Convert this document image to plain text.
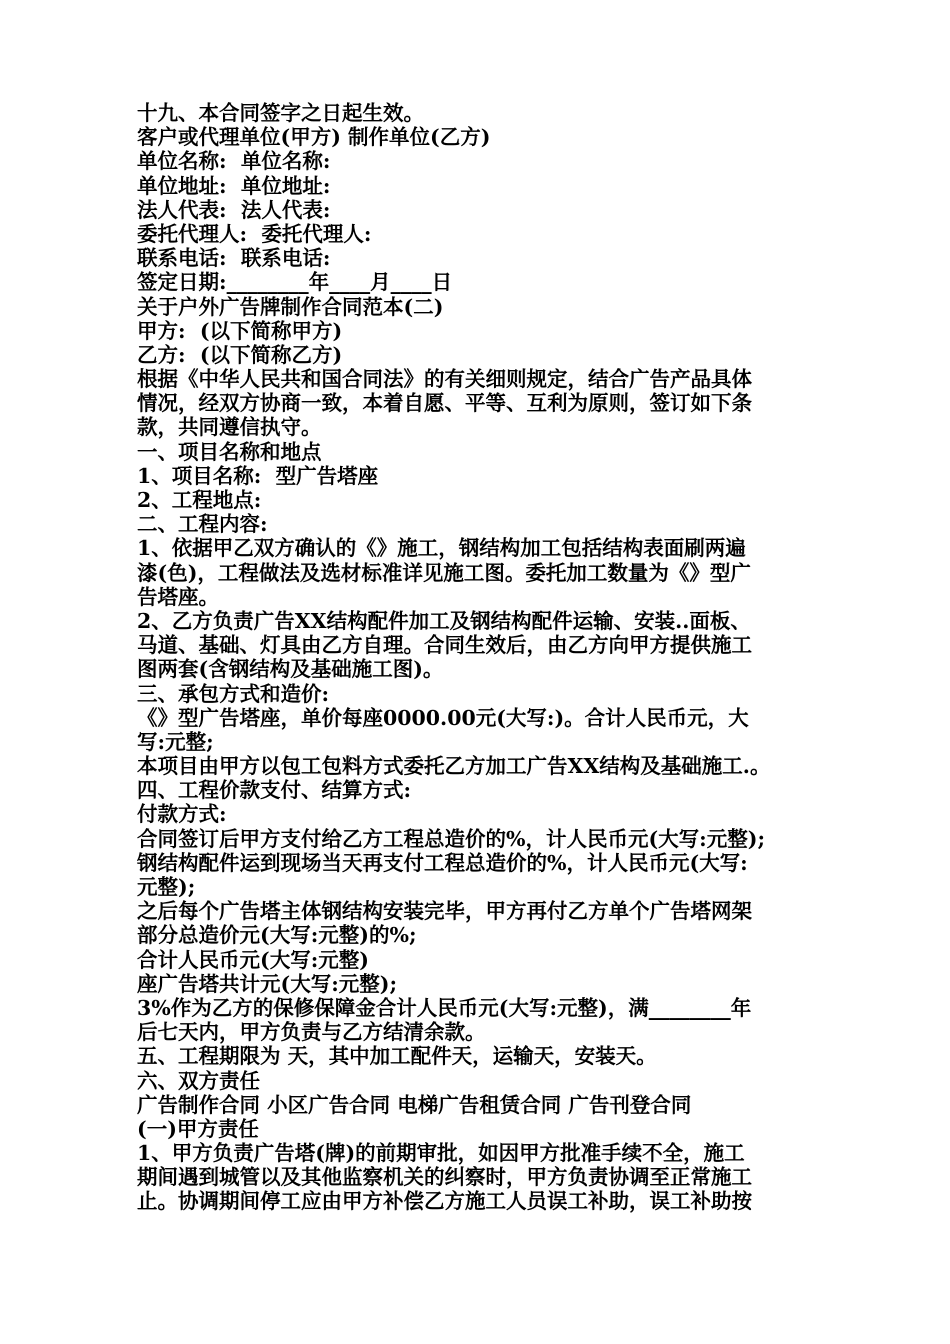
十九、本合同签字之日起生效。
客户或代理单位(甲方) 制作单位(乙方)
单位名称:  单位名称:
单位地址:  单位地址:
法人代表:  法人代表:
委托代理人:  委托代理人:
联系电话:  联系电话:
签定日期:________年____月____日
关于户外广告牌制作合同范本(二)
甲方:  (以下简称甲方)
乙方:  (以下简称乙方)
根据《中华人民共和国合同法》的有关细则规定，结合广告产品具体
情况，经双方协商一致，本着自愿、平等、互利为原则，签订如下条
款，共同遵信执守。
一、项目名称和地点
1、项目名称:  型广告塔座
2、工程地点:
二、工程内容:
1、依据甲乙双方确认的《》施工，钢结构加工包括结构表面刷两遍
漆(色)，工程做法及选材标准详见施工图。委托加工数量为《》型广
告塔座。
2、乙方负责广告XX结构配件加工及钢结构配件运输、安装..面板、
马道、基础、灯具由乙方自理。合同生效后，由乙方向甲方提供施工
图两套(含钢结构及基础施工图)。
三、承包方式和造价:
《》型广告塔座，单价每座0000.00元(大写:)。合计人民币元，大
写:元整;
本项目由甲方以包工包料方式委托乙方加工广告XX结构及基础施工.。
四、工程价款支付、结算方式:
付款方式:
合同签订后甲方支付给乙方工程总造价的%，计人民币元(大写:元整);
钢结构配件运到现场当天再支付工程总造价的%，计人民币元(大写:
元整);
之后每个广告塔主体钢结构安装完毕，甲方再付乙方单个广告塔网架
部分总造价元(大写:元整)的%;
合计人民币元(大写:元整)
座广告塔共计元(大写:元整);
3%作为乙方的保修保障金合计人民币元(大写:元整)，满________年
后七天内，甲方负责与乙方结清余款。
五、工程期限为 天，其中加工配件天，运输天，安装天。
六、双方责任
广告制作合同 小区广告合同 电梯广告租赁合同 广告刊登合同
(一)甲方责任
1、甲方负责广告塔(牌)的前期审批，如因甲方批准手续不全，施工
期间遇到城管以及其他监察机关的纠察时，甲方负责协调至正常施工
止。协调期间停工应由甲方补偿乙方施工人员误工补助，误工补助按
